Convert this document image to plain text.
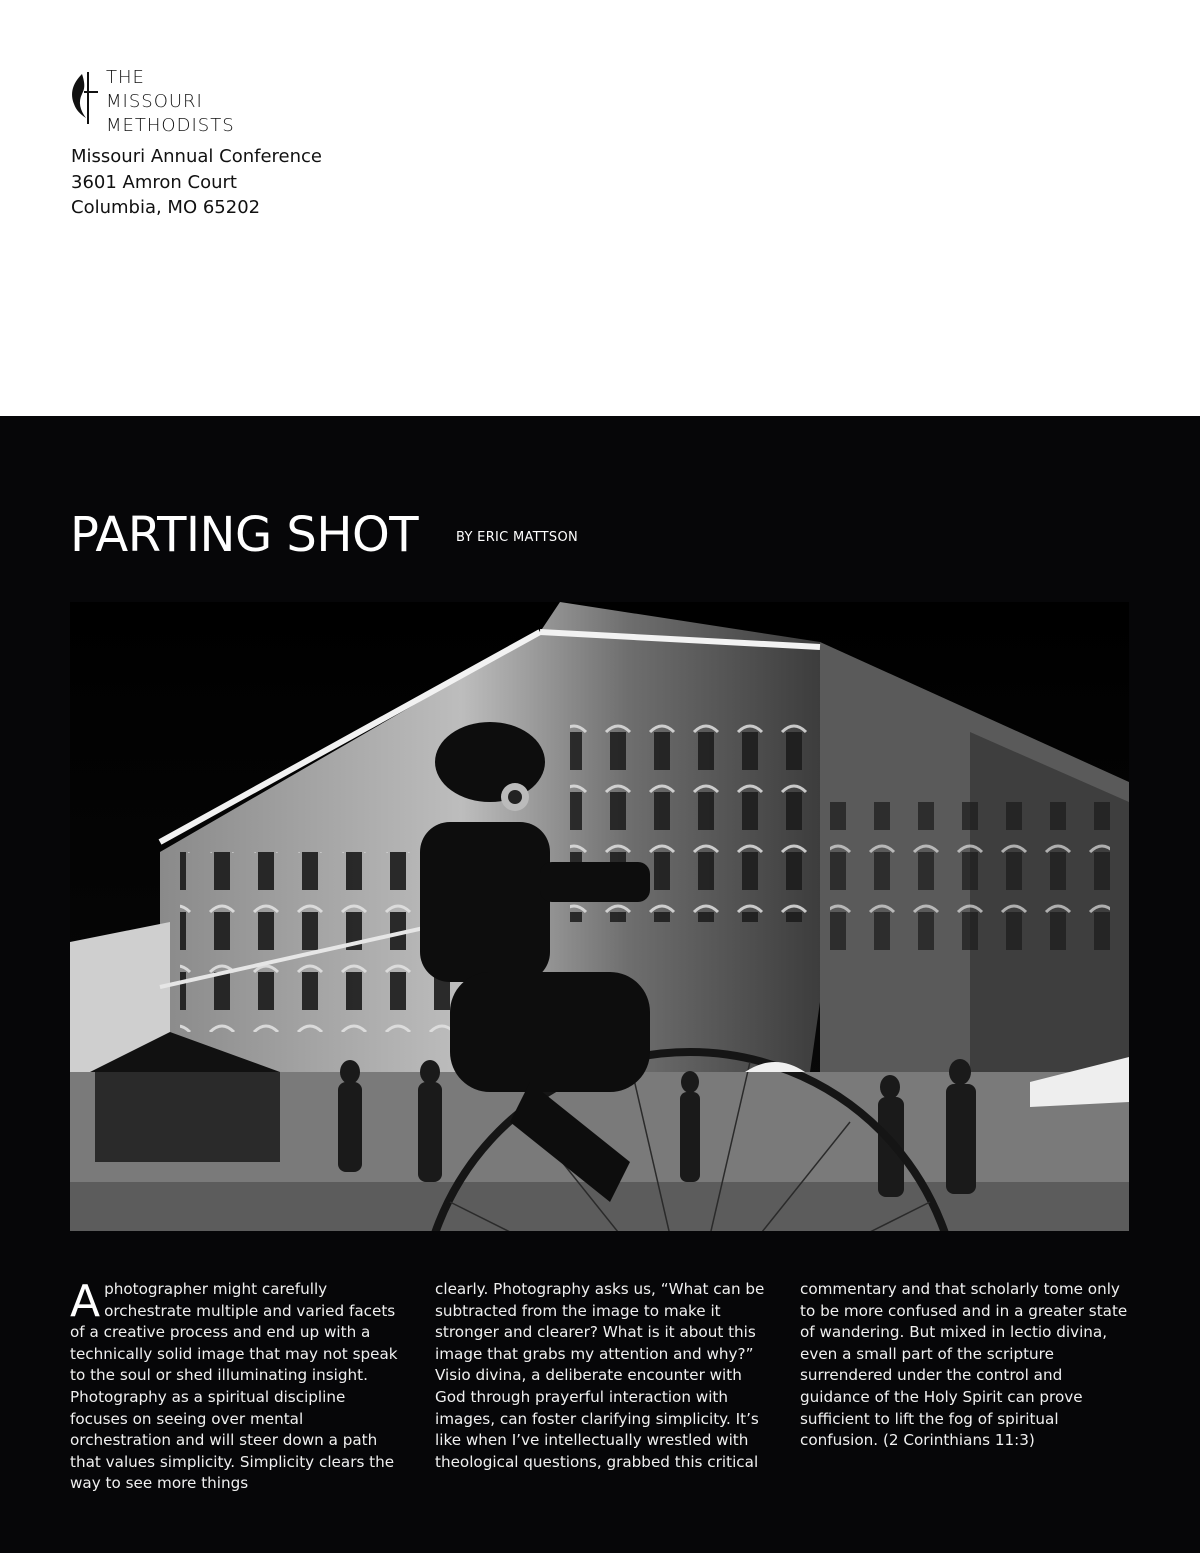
THE
MISSOURI
METHODISTS
Missouri Annual Conference
3601 Amron Court
Columbia, MO 65202
PARTING SHOT	BY ERIC MATTSON
A photographer might carefully orchestrate multiple and varied facets of a creative process and end up with a technically solid image that may not speak to the soul or shed illuminating insight. Photography as a spiritual discipline focuses on seeing over mental orchestration and will steer down a path that values simplicity. Simplicity clears the way to see more things
clearly. Photography asks us, “What can be subtracted from the image to make it stronger and clearer? What is it about this image that grabs my attention and why?” Visio divina, a deliberate encounter with God through prayerful interaction with images, can foster clarifying simplicity. It’s like when I’ve intellectually wrestled with theological questions, grabbed this critical
commentary and that scholarly tome only to be more confused and in a greater state of wandering. But mixed in lectio divina, even a small part of the scripture surrendered under the control and guidance of the Holy Spirit can prove sufficient to lift the fog of spiritual confusion. (2 Corinthians 11:3)
